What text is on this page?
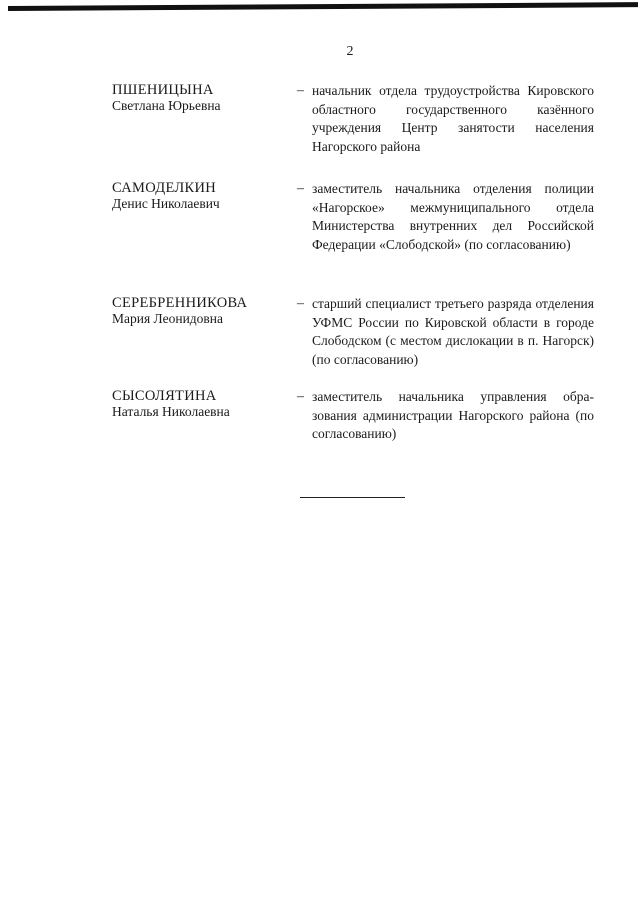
2
ПШЕНИЦЫНА
Светлана Юрьевна
– начальник отдела трудоустройства Кировского областного государственного казённого учреждения Центр занятости населения Нагорского района
САМОДЕЛКИН
Денис Николаевич
– заместитель начальника отделения полиции «Нагорское» межмуниципального отдела Министерства внутренних дел Российской Федерации «Слободской» (по согласованию)
СЕРЕБРЕННИКОВА
Мария Леонидовна
– старший специалист третьего разряда отделения УФМС России по Кировской области в городе Слободском (с местом дислокации в п. Нагорск) (по согласованию)
СЫСОЛЯТИНА
Наталья Николаевна
– заместитель начальника управления образования администрации Нагорского района (по согласованию)
